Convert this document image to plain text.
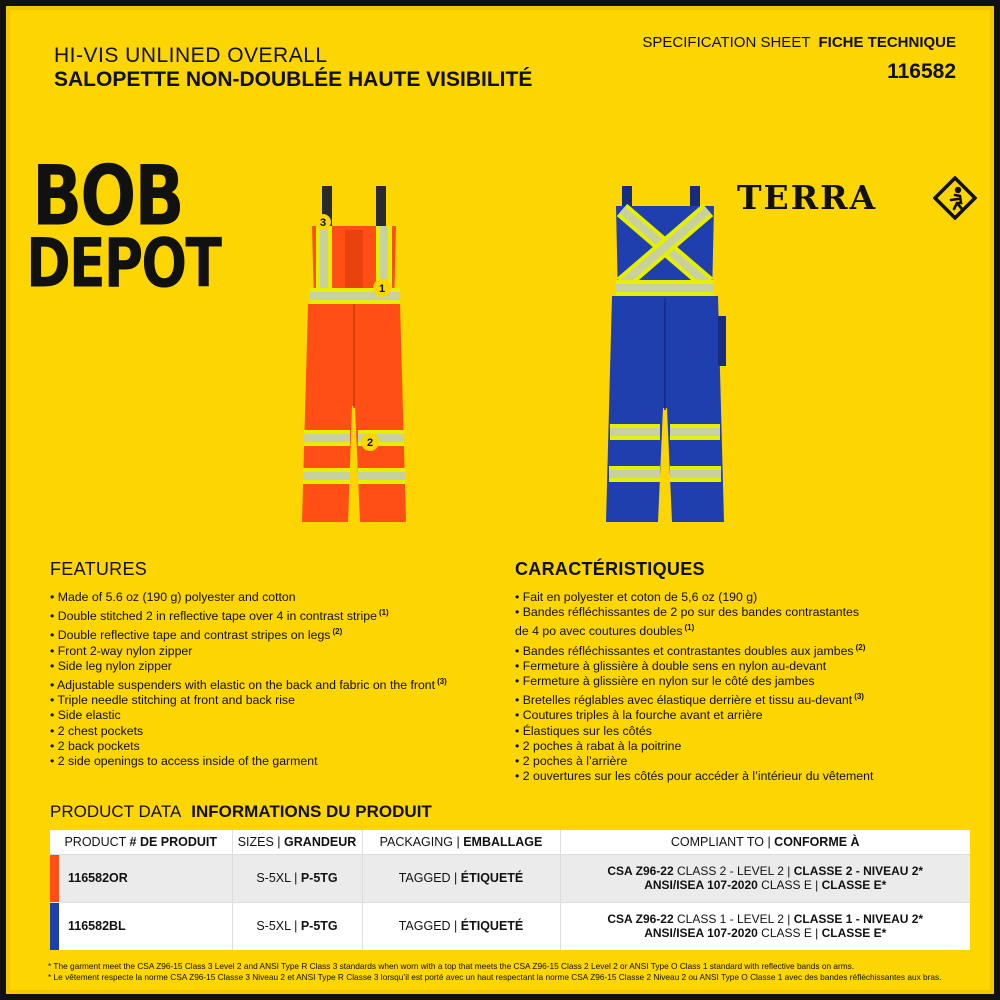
HI-VIS UNLINED OVERALL
SALOPETTE NON-DOUBLÉE HAUTE VISIBILITÉ
SPECIFICATION SHEET FICHE TECHNIQUE
116582
BOB
DEPOT
TERRA
3
1
2
FEATURES
• Made of 5.6 oz (190 g) polyester and cotton
• Double stitched 2 in reflective tape over 4 in contrast stripe $^{(1)}$
• Double reflective tape and contrast stripes on legs $^{(2)}$
• Front 2-way nylon zipper
• Side leg nylon zipper
• Adjustable suspenders with elastic on the back and fabric on the front $^{(3)}$
• Triple needle stitching at front and back rise
• Side elastic
• 2 chest pockets
• 2 back pockets
• 2 side openings to access inside of the garment
CARACTÉRISTIQUES
• Fait en polyester et coton de 5,6 oz (190 g)
• Bandes réfléchissantes de 2 po sur des bandes contrastantes
de 4 po avec coutures doubles $^{(1)}$
• Bandes réfléchissantes et contrastantes doubles aux jambes $^{(2)}$
• Fermeture à glissière à double sens en nylon au-devant
• Fermeture à glissière en nylon sur le côté des jambes
• Bretelles réglables avec élastique derrière et tissu au-devant $^{(3)}$
• Coutures triples à la fourche avant et arrière
• Élastiques sur les côtés
• 2 poches à rabat à la poitrine
• 2 poches à l’arrière
• 2 ouvertures sur les côtés pour accéder à l’intérieur du vêtement
PRODUCT DATA INFORMATIONS DU PRODUIT
PRODUCT # DE PRODUIT	SIZES | GRANDEUR	PACKAGING | EMBALLAGE	COMPLIANT TO | CONFORME À

116582OR	S-5XL | P-5TG	TAGGED | ÉTIQUETÉ	CSA Z96-22 CLASS 2 - LEVEL 2 | CLASSE 2 - NIVEAU 2*
ANSI/ISEA 107-2020 CLASS E | CLASSE E*

116582BL	S-5XL | P-5TG	TAGGED | ÉTIQUETÉ	CSA Z96-22 CLASS 1 - LEVEL 2 | CLASSE 1 - NIVEAU 2*
ANSI/ISEA 107-2020 CLASS E | CLASSE E*

* The garment meet the CSA Z96-15 Class 3 Level 2 and ANSI Type R Class 3 standards when worn with a top that meets the CSA Z96-15 Class 2 Level 2 or ANSI Type O Class 1 standard with reflective bands on arms.

* Le vêtement respecte la norme CSA Z96-15 Classe 3 Niveau 2 et ANSI Type R Classe 3 lorsqu’il est porté avec un haut respectant la norme CSA Z96-15 Classe 2 Niveau 2 ou ANSI Type O Classe 1 avec des bandes réfléchissantes aux bras.
